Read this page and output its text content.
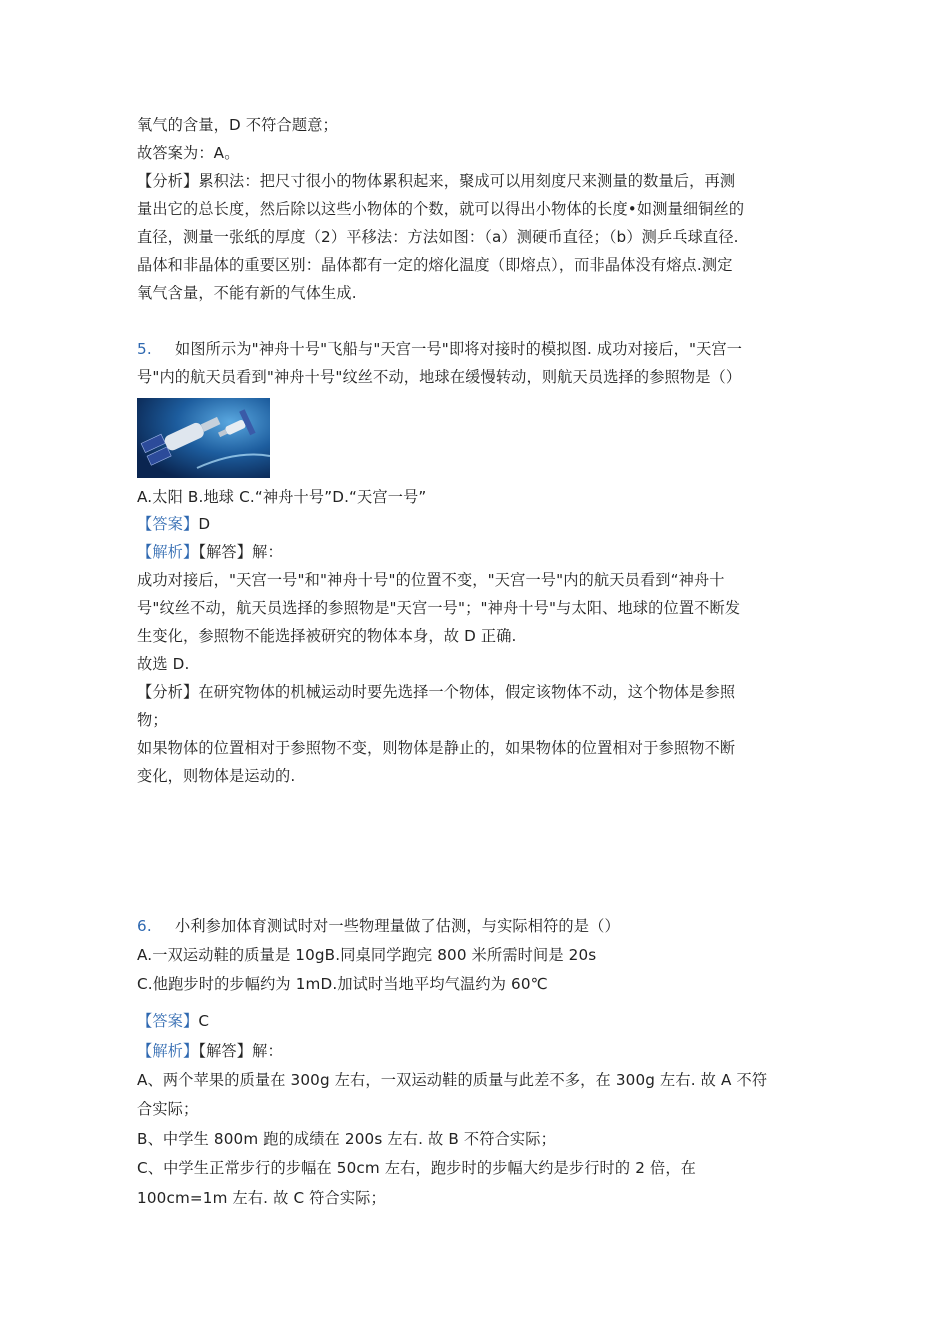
氧气的含量，D 不符合题意；
故答案为：A。
【分析】累积法：把尺寸很小的物体累积起来，聚成可以用刻度尺来测量的数量后，再测
量出它的总长度，然后除以这些小物体的个数，就可以得出小物体的长度•如测量细铜丝的
直径，测量一张纸的厚度（2）平移法：方法如图：（a）测硬币直径；（b）测乒乓球直径.
晶体和非晶体的重要区别：晶体都有一定的熔化温度（即熔点），而非晶体没有熔点.测定
氧气含量，不能有新的气体生成.
5. 如图所示为"神舟十号"飞船与"天宫一号"即将对接时的模拟图. 成功对接后，"天宫一
号"内的航天员看到"神舟十号"纹丝不动，地球在缓慢转动，则航天员选择的参照物是（）
A.太阳 B.地球 C.“神舟十号”D.“天宫一号”
【答案】D
【解析】【解答】解：
成功对接后，"天宫一号"和"神舟十号"的位置不变，"天宫一号"内的航天员看到“神舟十
号"纹丝不动，航天员选择的参照物是"天宫一号"；"神舟十号"与太阳、地球的位置不断发
生变化，参照物不能选择被研究的物体本身，故 D 正确.
故选 D.
【分析】在研究物体的机械运动时要先选择一个物体，假定该物体不动，这个物体是参照
物；
如果物体的位置相对于参照物不变，则物体是静止的，如果物体的位置相对于参照物不断
变化，则物体是运动的.
6. 小利参加体育测试时对一些物理量做了估测，与实际相符的是（）
A.一双运动鞋的质量是 10gB.同桌同学跑完 800 米所需时间是 20s
C.他跑步时的步幅约为 1mD.加试时当地平均气温约为 60℃
【答案】C
【解析】【解答】解：
A、两个苹果的质量在 300g 左右，一双运动鞋的质量与此差不多，在 300g 左右. 故 A 不符
合实际；
B、中学生 800m 跑的成绩在 200s 左右. 故 B 不符合实际；
C、中学生正常步行的步幅在 50cm 左右，跑步时的步幅大约是步行时的 2 倍，在
100cm=1m 左右. 故 C 符合实际；
